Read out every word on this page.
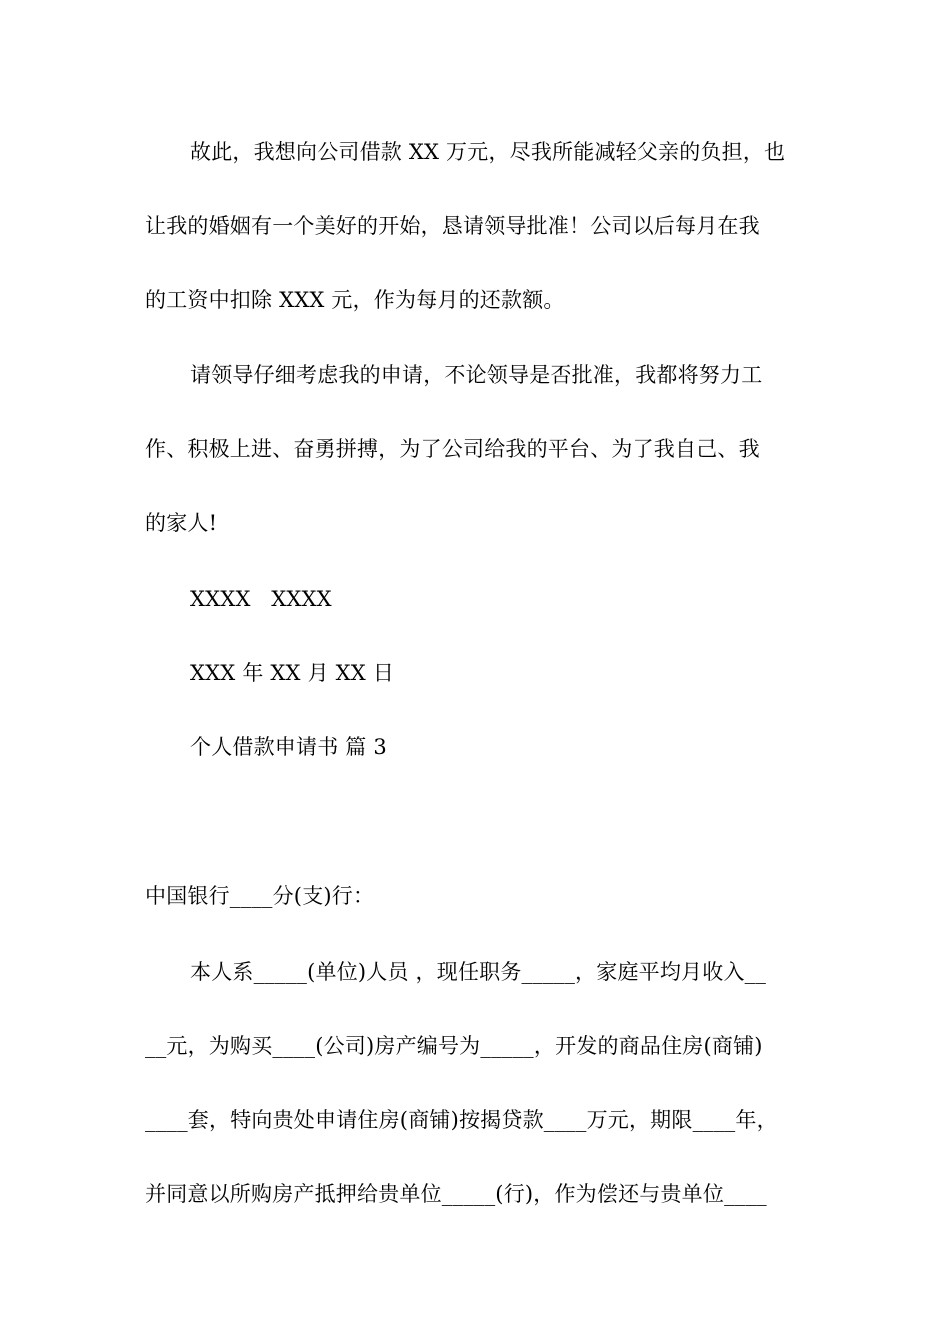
故此，我想向公司借款 XX 万元，尽我所能减轻父亲的负担，也
让我的婚姻有一个美好的开始，恳请领导批准！公司以后每月在我
的工资中扣除 XXX 元，作为每月的还款额。
请领导仔细考虑我的申请，不论领导是否批准，我都将努力工
作、积极上进、奋勇拼搏，为了公司给我的平台、为了我自己、我
的家人!
XXXX   XXXX
XXX 年 XX 月 XX 日
个人借款申请书 篇 3
中国银行____分(支)行：
本人系_____(单位)人员 ，现任职务_____，家庭平均月收入__
__元，为购买____(公司)房产编号为_____，开发的商品住房(商铺)
____套，特向贵处申请住房(商铺)按揭贷款____万元，期限____年，
并同意以所购房产抵押给贵单位_____(行)，作为偿还与贵单位____
